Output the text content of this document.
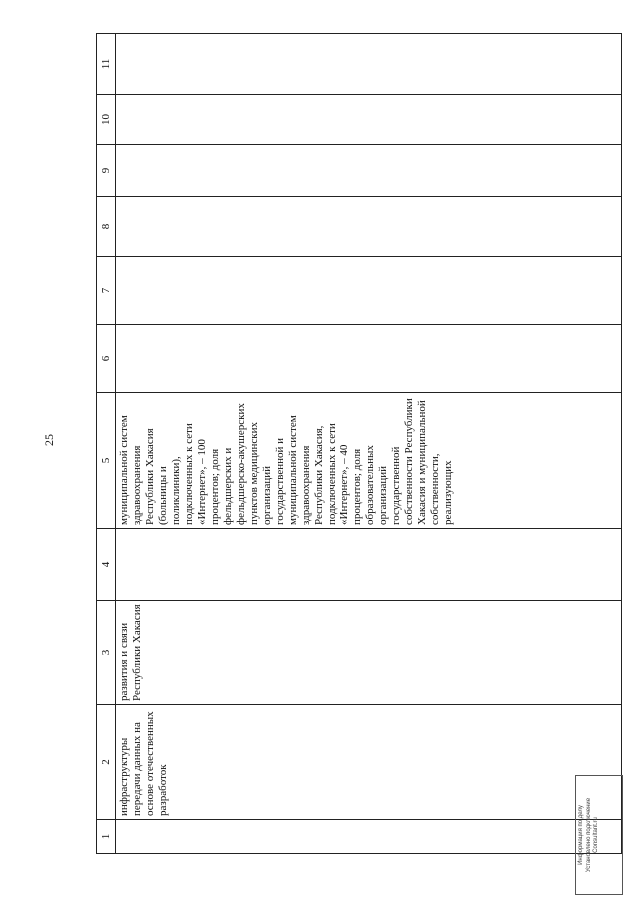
25
1	2	3	4	5	6	7	8	9	10	11
	инфраструктуры передачи данных на основе отечественных разработок	развития и связи Республики Хакасия		муниципальной систем здравоохранения Республики Хакасия (больницы и поликлиники), подключенных к сети «Интернет», – 100 процентов; доля фельдшерских и фельдшерско-акушерских пунктов медицинских организаций государственной и муниципальной систем здравоохранения Республики Хакасия, подключенных к сети «Интернет», – 40 процентов; доля образовательных организаций государственной собственности Республики Хакасия и муниципальной собственности, реализующих						
Информация по делу Установлено подключение Consultant.ru
